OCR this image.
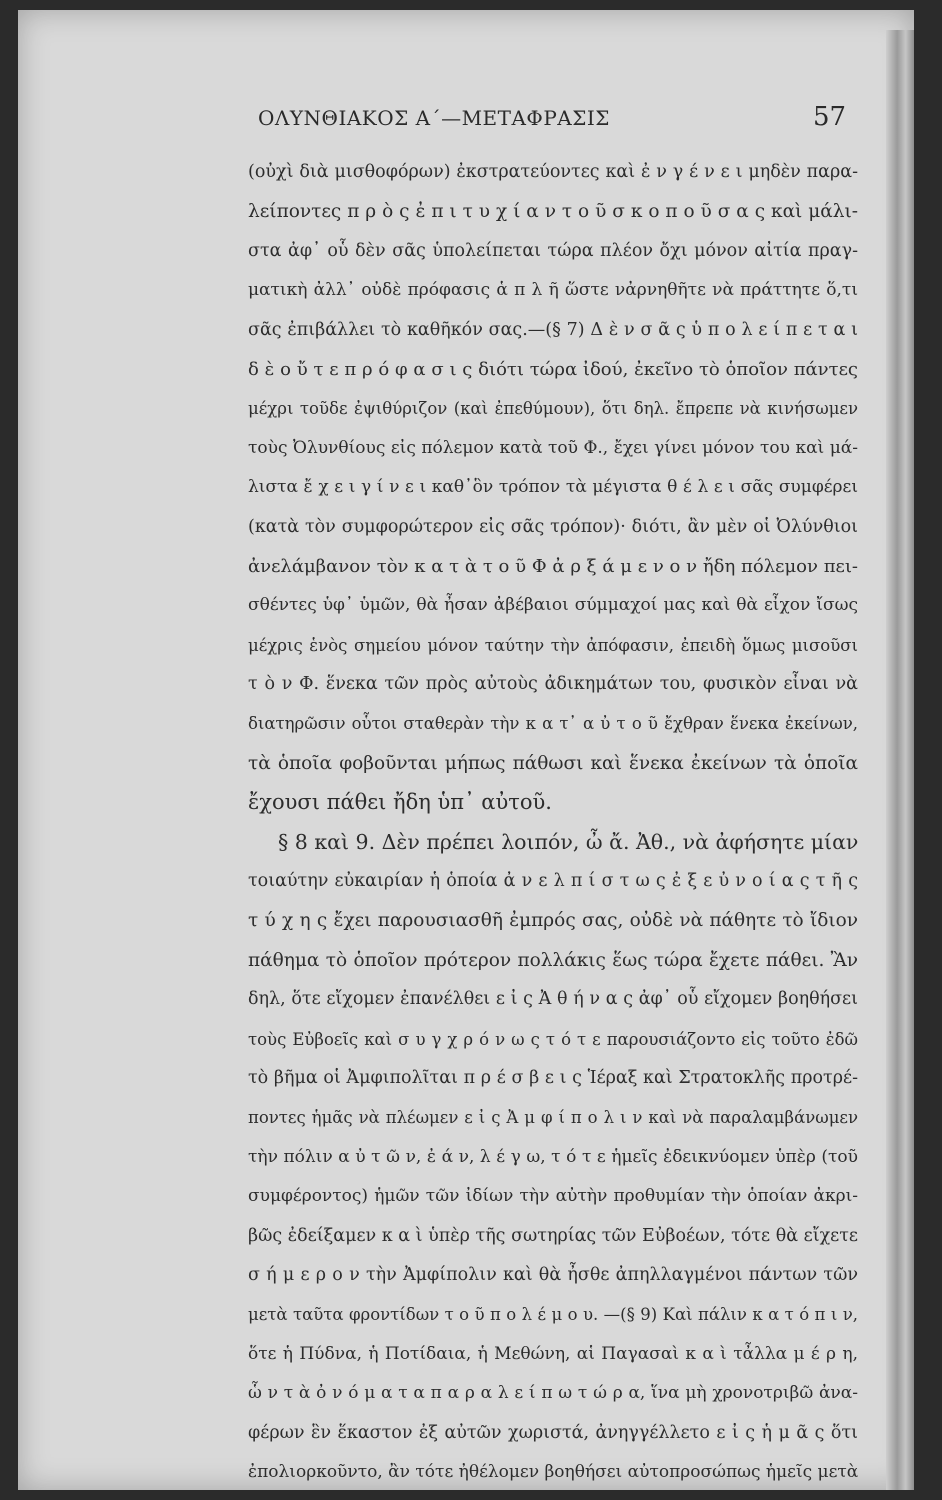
ΟΛΥΝΘΙΑΚΟΣ Α΄—ΜΕΤΑΦΡΑΣΙΣ	57
(οὐχὶ διὰ μισθοφόρων) ἐκστρατεύοντες καὶ ἐ ν γ έ ν ε ι μηδὲν παρα-
λείποντες π ρ ὸ ς ἐ π ι τ υ χ ί α ν τ ο ῦ σ κ ο π ο ῦ σ α ς καὶ μάλι-
στα ἀφ᾽ οὗ δὲν σᾶς ὑπολείπεται τώρα πλέον ὄχι μόνον αἰτία πραγ-
ματικὴ ἀλλ᾽ οὐδὲ πρόφασις ἁ π λ ῆ ὥστε νἀρνηθῆτε νὰ πράττητε ὅ,τι
σᾶς ἐπιβάλλει τὸ καθῆκόν σας.—(§ 7) Δ ὲ ν σ ᾶ ς ὑ π ο λ ε ί π ε τ α ι
δ ὲ ο ὔ τ ε π ρ ό φ α σ ι ς διότι τώρα ἰδού, ἐκεῖνο τὸ ὁποῖον πάντες
μέχρι τοῦδε ἐψιθύριζον (καὶ ἐπεθύμουν), ὅτι δηλ. ἔπρεπε νὰ κινήσωμεν
τοὺς Ὀλυνθίους εἰς πόλεμον κατὰ τοῦ Φ., ἔχει γίνει μόνον του καὶ μά-
λιστα ἔ χ ε ι γ ί ν ε ι καθ᾽ὃν τρόπον τὰ μέγιστα θ έ λ ε ι σᾶς συμφέρει
(κατὰ τὸν συμφορώτερον εἰς σᾶς τρόπον)· διότι, ἂν μὲν οἱ Ὀλύνθιοι
ἀνελάμβανον τὸν κ α τ ὰ τ ο ῦ Φ ἀ ρ ξ ά μ ε ν ο ν ἤδη πόλεμον πει-
σθέντες ὑφ᾽ ὑμῶν, θὰ ἦσαν ἀβέβαιοι σύμμαχοί μας καὶ θὰ εἶχον ἴσως
μέχρις ἑνὸς σημείου μόνον ταύτην τὴν ἀπόφασιν, ἐπειδὴ ὅμως μισοῦσι
τ ὸ ν Φ. ἕνεκα τῶν πρὸς αὐτοὺς ἀδικημάτων του, φυσικὸν εἶναι νὰ
διατηρῶσιν οὗτοι σταθερὰν τὴν κ α τ᾽ α ὐ τ ο ῦ ἔχθραν ἕνεκα ἐκείνων,
τὰ ὁποῖα φοβοῦνται μήπως πάθωσι καὶ ἕνεκα ἐκείνων τὰ ὁποῖα
ἔχουσι πάθει ἤδη ὑπ᾽ αὐτοῦ.
§ 8 καὶ 9. Δὲν πρέπει λοιπόν, ὦ ἄ. Ἀθ., νὰ ἀφήσητε μίαν
τοιαύτην εὐκαιρίαν ἡ ὁποία ἀ ν ε λ π ί σ τ ω ς ἐ ξ ε ὐ ν ο ί α ς τ ῆ ς
τ ύ χ η ς ἔχει παρουσιασθῆ ἐμπρός σας, οὐδὲ νὰ πάθητε τὸ ἴδιον
πάθημα τὸ ὁποῖον πρότερον πολλάκις ἕως τώρα ἔχετε πάθει. Ἂν
δηλ, ὅτε εἴχομεν ἐπανέλθει ε ἰ ς Ἀ θ ή ν α ς ἀφ᾽ οὗ εἴχομεν βοηθήσει
τοὺς Εὐβοεῖς καὶ σ υ γ χ ρ ό ν ω ς τ ό τ ε παρουσιάζοντο εἰς τοῦτο ἐδῶ
τὸ βῆμα οἱ Ἀμφιπολῖται π ρ έ σ β ε ι ς Ἱέραξ καὶ Στρατοκλῆς προτρέ-
ποντες ἡμᾶς νὰ πλέωμεν ε ἰ ς Ἀ μ φ ί π ο λ ι ν καὶ νὰ παραλαμβάνωμεν
τὴν πόλιν α ὐ τ ῶ ν, ἐ ά ν, λ έ γ ω, τ ό τ ε ἡμεῖς ἐδεικνύομεν ὑπὲρ (τοῦ
συμφέροντος) ἡμῶν τῶν ἰδίων τὴν αὐτὴν προθυμίαν τὴν ὁποίαν ἀκρι-
βῶς ἐδείξαμεν κ α ὶ ὑπὲρ τῆς σωτηρίας τῶν Εὐβοέων, τότε θὰ εἴχετε
σ ή μ ε ρ ο ν τὴν Ἀμφίπολιν καὶ θὰ ἦσθε ἀπηλλαγμένοι πάντων τῶν
μετὰ ταῦτα φροντίδων τ ο ῦ π ο λ έ μ ο υ. —(§ 9) Καὶ πάλιν κ α τ ό π ι ν,
ὅτε ἡ Πύδνα, ἡ Ποτίδαια, ἡ Μεθώνη, αἱ Παγασαὶ κ α ὶ τἆλλα μ έ ρ η,
ὧ ν τ ὰ ὀ ν ό μ α τ α π α ρ α λ ε ί π ω τ ώ ρ α, ἵνα μὴ χρονοτριβῶ ἀνα-
φέρων ἓν ἕκαστον ἐξ αὐτῶν χωριστά, ἀνηγγέλλετο ε ἰ ς ἡ μ ᾶ ς ὅτι
ἐπολιορκοῦντο, ἂν τότε ἠθέλομεν βοηθήσει αὐτοπροσώπως ἡμεῖς μετὰ
